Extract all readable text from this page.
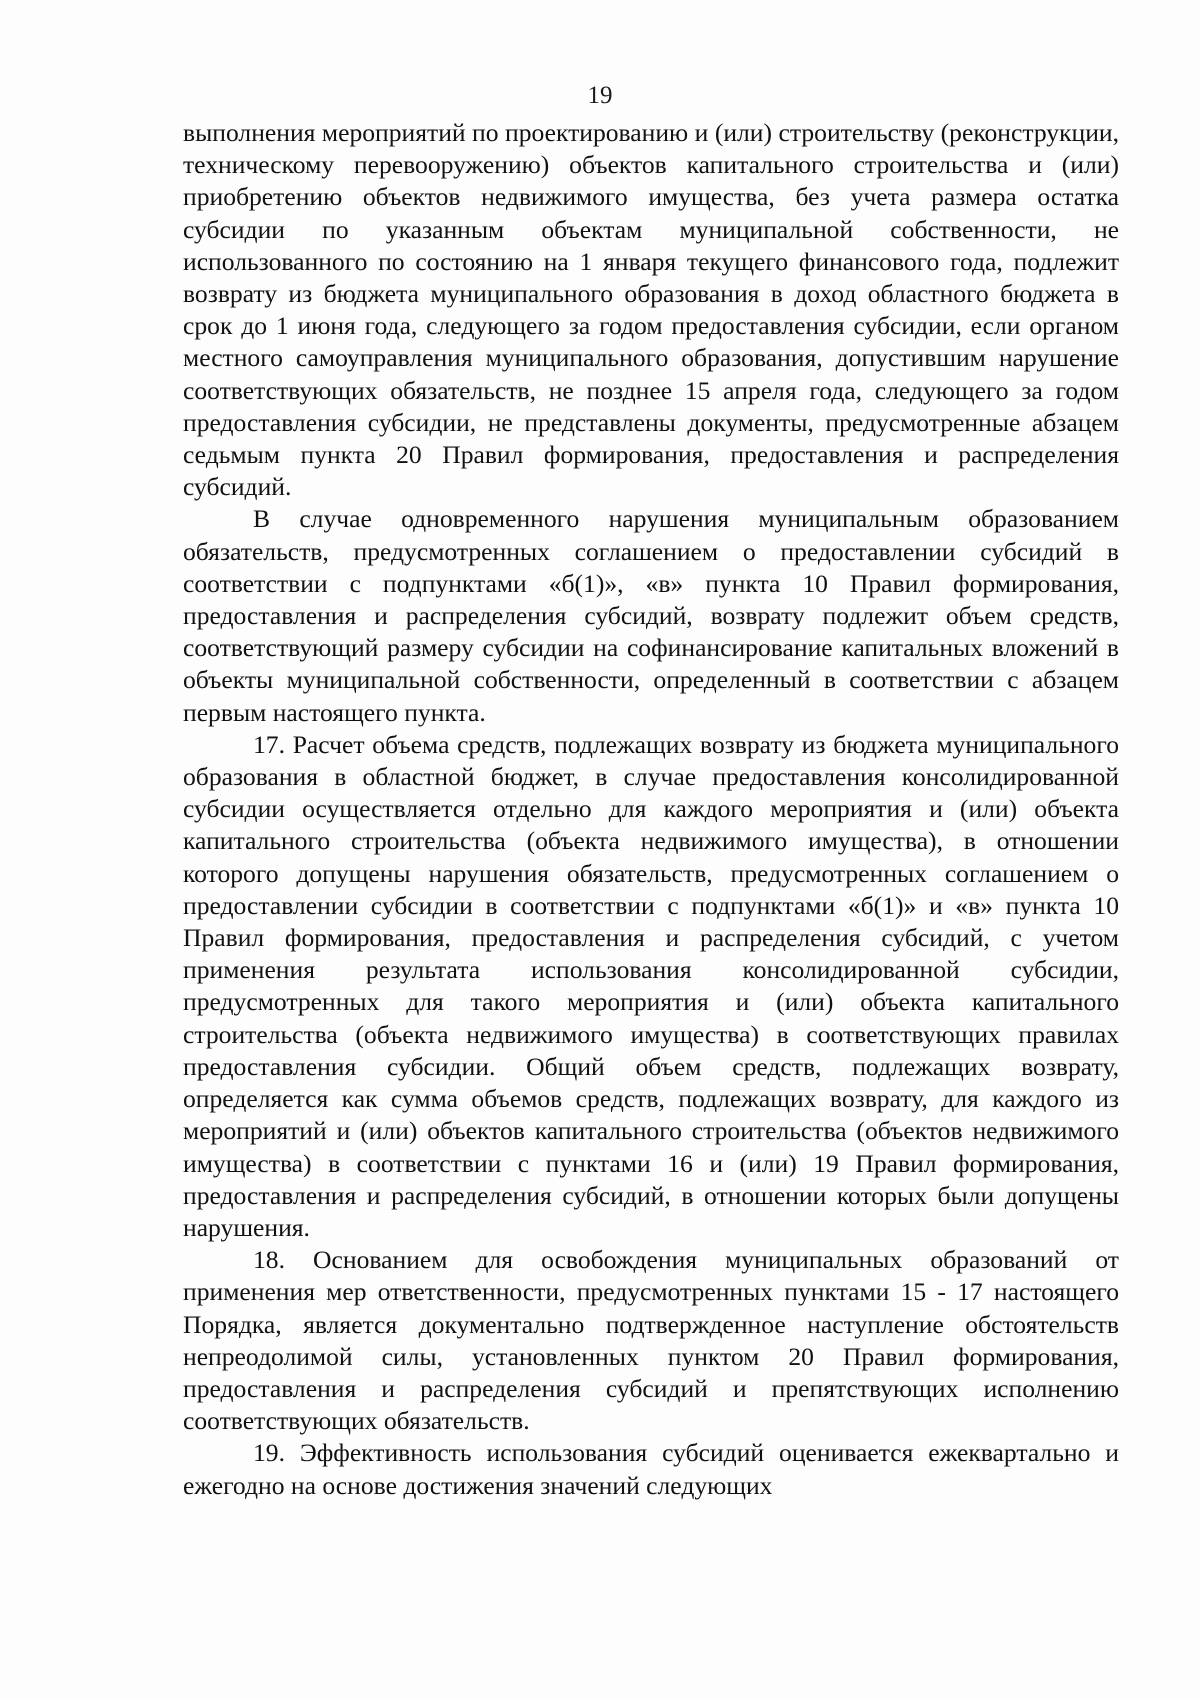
19

выполнения мероприятий по проектированию и (или) строительству (реконструкции, техническому перевооружению) объектов капитального строительства и (или) приобретению объектов недвижимого имущества, без учета размера остатка субсидии по указанным объектам муниципальной собственности, не использованного по состоянию на 1 января текущего финансового года, подлежит возврату из бюджета муниципального образования в доход областного бюджета в срок до 1 июня года, следующего за годом предоставления субсидии, если органом местного самоуправления муниципального образования, допустившим нарушение соответствующих обязательств, не позднее 15 апреля года, следующего за годом предоставления субсидии, не представлены документы, предусмотренные абзацем седьмым пункта 20 Правил формирования, предоставления и распределения субсидий.

В случае одновременного нарушения муниципальным образованием обязательств, предусмотренных соглашением о предоставлении субсидий в соответствии с подпунктами «б(1)», «в» пункта 10 Правил формирования, предоставления и распределения субсидий, возврату подлежит объем средств, соответствующий размеру субсидии на софинансирование капитальных вложений в объекты муниципальной собственности, определенный в соответствии с абзацем первым настоящего пункта.

17. Расчет объема средств, подлежащих возврату из бюджета муниципального образования в областной бюджет, в случае предоставления консолидированной субсидии осуществляется отдельно для каждого мероприятия и (или) объекта капитального строительства (объекта недвижимого имущества), в отношении которого допущены нарушения обязательств, предусмотренных соглашением о предоставлении субсидии в соответствии с подпунктами «б(1)» и «в» пункта 10 Правил формирования, предоставления и распределения субсидий, с учетом применения результата использования консолидированной субсидии, предусмотренных для такого мероприятия и (или) объекта капитального строительства (объекта недвижимого имущества) в соответствующих правилах предоставления субсидии. Общий объем средств, подлежащих возврату, определяется как сумма объемов средств, подлежащих возврату, для каждого из мероприятий и (или) объектов капитального строительства (объектов недвижимого имущества) в соответствии с пунктами 16 и (или) 19 Правил формирования, предоставления и распределения субсидий, в отношении которых были допущены нарушения.

18. Основанием для освобождения муниципальных образований от применения мер ответственности, предусмотренных пунктами 15 - 17 настоящего Порядка, является документально подтвержденное наступление обстоятельств непреодолимой силы, установленных пунктом 20 Правил формирования, предоставления и распределения субсидий и препятствующих исполнению соответствующих обязательств.

19. Эффективность использования субсидий оценивается ежеквартально и ежегодно на основе достижения значений следующих
